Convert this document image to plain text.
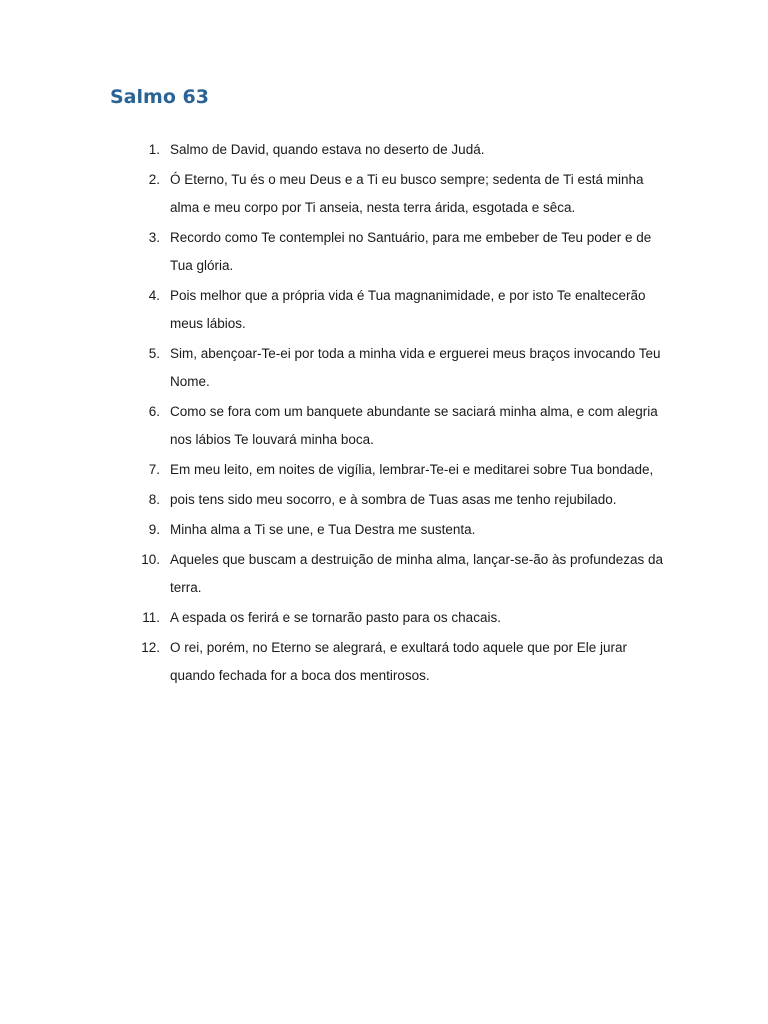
Salmo 63
1. Salmo de David, quando estava no deserto de Judá.
2. Ó Eterno, Tu és o meu Deus e a Ti eu busco sempre; sedenta de Ti está minha alma e meu corpo por Ti anseia, nesta terra árida, esgotada e sêca.
3. Recordo como Te contemplei no Santuário, para me embeber de Teu poder e de Tua glória.
4. Pois melhor que a própria vida é Tua magnanimidade, e por isto Te enaltecerão meus lábios.
5. Sim, abençoar-Te-ei por toda a minha vida e erguerei meus braços invocando Teu Nome.
6. Como se fora com um banquete abundante se saciará minha alma, e com alegria nos lábios Te louvará minha boca.
7. Em meu leito, em noites de vigília, lembrar-Te-ei e meditarei sobre Tua bondade,
8. pois tens sido meu socorro, e à sombra de Tuas asas me tenho rejubilado.
9. Minha alma a Ti se une, e Tua Destra me sustenta.
10. Aqueles que buscam a destruição de minha alma, lançar-se-ão às profundezas da terra.
11. A espada os ferirá e se tornarão pasto para os chacais.
12. O rei, porém, no Eterno se alegrará, e exultará todo aquele que por Ele jurar quando fechada for a boca dos mentirosos.
